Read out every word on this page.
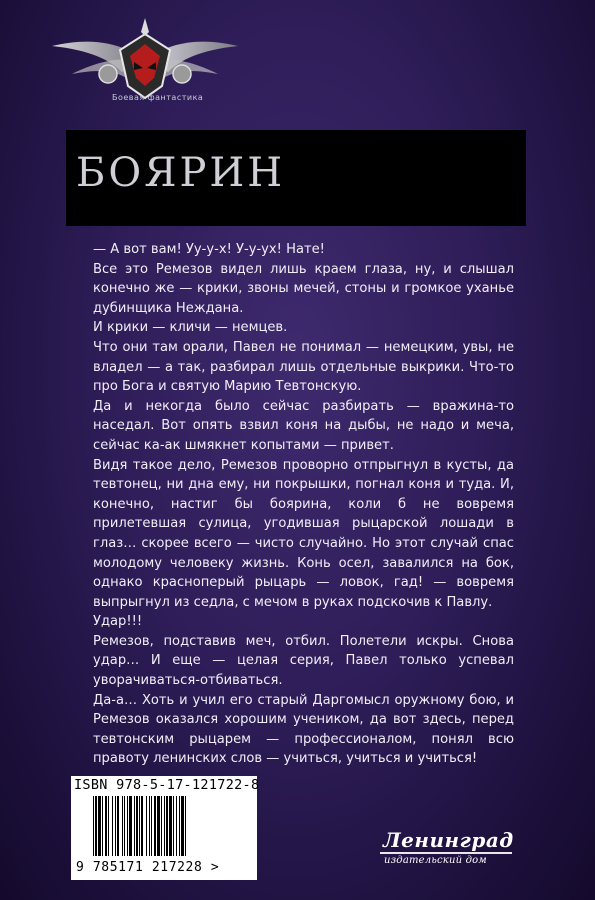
Боевая фантастика
БОЯРИН

— А вот вам! Уу-у-х! У-у-ух! Нате!

Все это Ремезов видел лишь краем глаза, ну, и слышал конечно же — крики, звоны мечей, стоны и громкое уханье дубинщика Неждана.

И крики — кличи — немцев.

Что они там орали, Павел не понимал — немецким, увы, не владел — а так, разбирал лишь отдельные выкрики. Что-то про Бога и святую Марию Тевтонскую.

Да и некогда было сейчас разбирать — вражина-то наседал. Вот опять взвил коня на дыбы, не надо и меча, сейчас ка-ак шмякнет копытами — привет.

Видя такое дело, Ремезов проворно отпрыгнул в кусты, да тевтонец, ни дна ему, ни покрышки, погнал коня и туда. И, конечно, настиг бы боярина, коли б не вовремя прилетевшая сулица, угодившая рыцарской лошади в глаз… скорее всего — чисто случайно. Но этот случай спас молодому человеку жизнь. Конь осел, завалился на бок, однако красноперый рыцарь — ловок, гад! — вовремя выпрыгнул из седла, с мечом в руках подскочив к Павлу.

Удар!!!

Ремезов, подставив меч, отбил. Полетели искры. Снова удар… И еще — целая серия, Павел только успевал уворачиваться-отбиваться.

Да-а… Хоть и учил его старый Даргомысл оружному бою, и Ремезов оказался хорошим учеником, да вот здесь, перед тевтонским рыцарем — профессионалом, понял всю правоту ленинских слов — учиться, учиться и учиться!

ISBN 978-5-17-121722-8
9 785171 217228 >
Ленинград
издательский дом
